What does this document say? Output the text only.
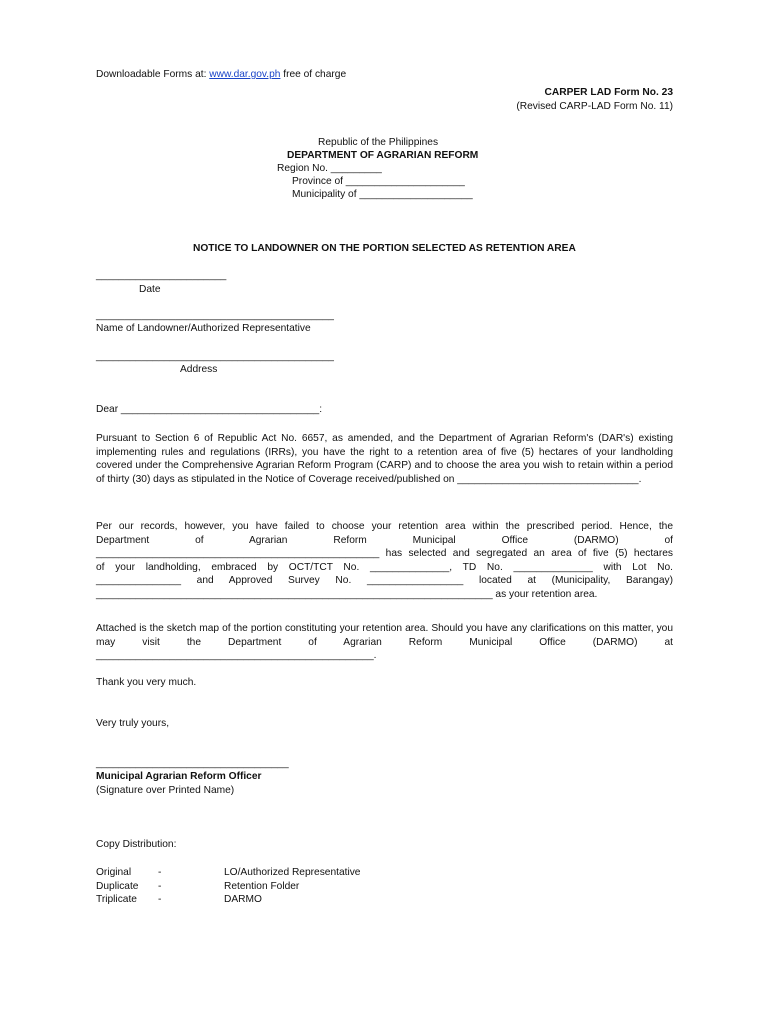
Downloadable Forms at: www.dar.gov.ph free of charge
CARPER LAD Form No. 23
(Revised CARP-LAD Form No. 11)
Republic of the Philippines
DEPARTMENT OF AGRARIAN REFORM
Region No. _________
Province of _____________________
Municipality of ____________________
NOTICE TO LANDOWNER ON THE PORTION SELECTED AS RETENTION AREA
_______________________
Date
__________________________________________
Name of Landowner/Authorized Representative
__________________________________________
Address
Dear ___________________________________:
Pursuant to Section 6 of Republic Act No. 6657, as amended, and the Department of Agrarian Reform's (DAR's) existing implementing rules and regulations (IRRs), you have the right to a retention area of five (5) hectares of your landholding covered under the Comprehensive Agrarian Reform Program (CARP) and to choose the area you wish to retain within a period of thirty (30) days as stipulated in the Notice of Coverage received/published on ________________________________.
Per our records, however, you have failed to choose your retention area within the prescribed period. Hence, the
Department of Agrarian Reform Municipal Office (DARMO) of
__________________________________________________ has selected and segregated an area of five (5) hectares
of your landholding, embraced by OCT/TCT No. ______________, TD No. ______________ with Lot No.
_______________ and Approved Survey No. _________________ located at (Municipality, Barangay)
______________________________________________________________________ as your retention area.
Attached is the sketch map of the portion constituting your retention area. Should you have any clarifications on this matter, you may visit the Department of Agrarian Reform Municipal Office (DARMO) at _________________________________________________.
Thank you very much.
Very truly yours,
__________________________________
Municipal Agrarian Reform Officer
(Signature over Printed Name)
Copy Distribution:
Original	-	LO/Authorized Representative
Duplicate	-	Retention Folder
Triplicate	-	DARMO
